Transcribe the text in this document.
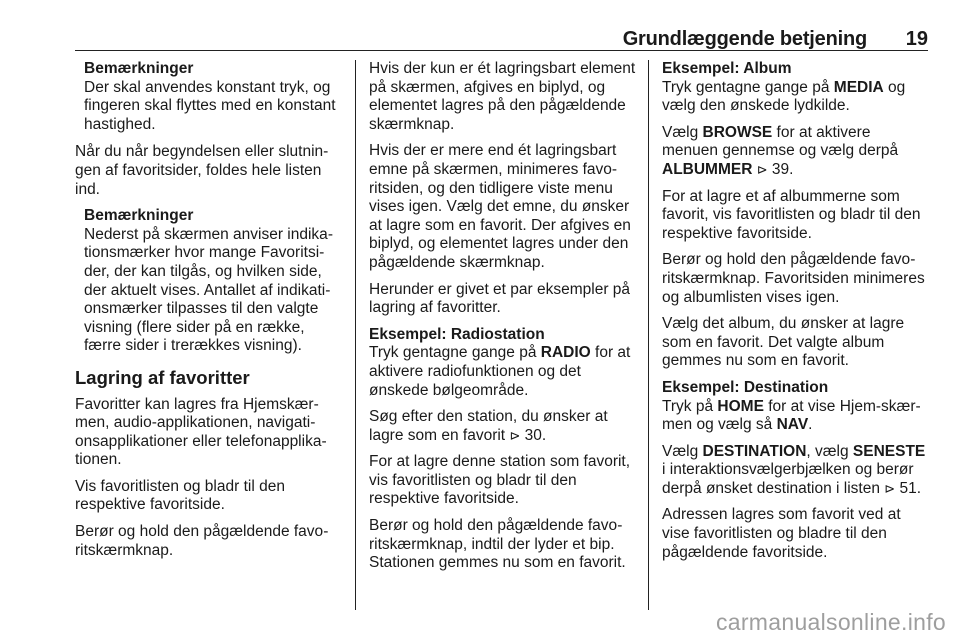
Grundlæggende betjening 19
Bemærkninger
Der skal anvendes konstant tryk, og fingeren skal flyttes med en konstant hastighed.

Når du når begyndelsen eller slutningen af favoritsider, foldes hele listen ind.

Bemærkninger
Nederst på skærmen anviser indikationsmærker hvor mange Favoritsider, der kan tilgås, og hvilken side, der aktuelt vises. Antallet af indikationsmærker tilpasses til den valgte visning (flere sider på en række, færre sider i trerækkes visning).
Lagring af favoritter

Favoritter kan lagres fra Hjemskærmen, audio-applikationen, navigationsapplikationer eller telefonapplikationen.

Vis favoritlisten og bladr til den respektive favoritside.

Berør og hold den pågældende favoritskærmknap.

Hvis der kun er ét lagringsbart element på skærmen, afgives en biplyd, og elementet lagres på den pågældende skærmknap.

Hvis der er mere end ét lagringsbart emne på skærmen, minimeres favoritsiden, og den tidligere viste menu vises igen. Vælg det emne, du ønsker at lagre som en favorit. Der afgives en biplyd, og elementet lagres under den pågældende skærmknap.

Herunder er givet et par eksempler på lagring af favoritter.

Eksempel: Radiostation
Tryk gentagne gange på RADIO for at aktivere radiofunktionen og det ønskede bølgeområde.

Søg efter den station, du ønsker at lagre som en favorit ⊳ 30.

For at lagre denne station som favorit, vis favoritlisten og bladr til den respektive favoritside.

Berør og hold den pågældende favoritskærmknap, indtil der lyder et bip. Stationen gemmes nu som en favorit.

Eksempel: Album
Tryk gentagne gange på MEDIA og vælg den ønskede lydkilde.

Vælg BROWSE for at aktivere menuen gennemse og vælg derpå ALBUMMER ⊳ 39.

For at lagre et af albummerne som favorit, vis favoritlisten og bladr til den respektive favoritside.

Berør og hold den pågældende favoritskærmknap. Favoritsiden minimeres og albumlisten vises igen.

Vælg det album, du ønsker at lagre som en favorit. Det valgte album gemmes nu som en favorit.

Eksempel: Destination
Tryk på HOME for at vise Hjem-skærmen og vælg så NAV.

Vælg DESTINATION, vælg SENESTE i interaktionsvælgerbjælken og berør derpå ønsket destination i listen ⊳ 51.

Adressen lagres som favorit ved at vise favoritlisten og bladre til den pågældende favoritside.

carmanualsonline.info
